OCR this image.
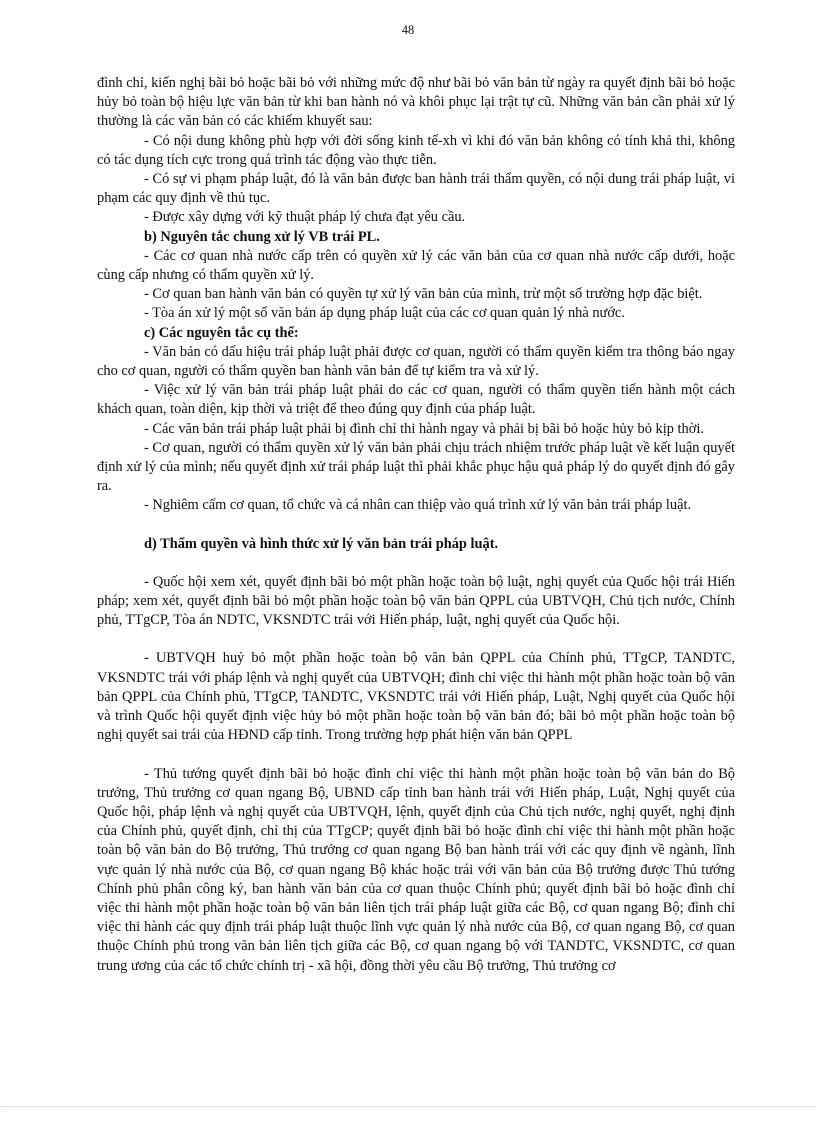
48

đình chỉ, kiến nghị bãi bỏ hoặc bãi bỏ với những mức độ như bãi bỏ văn bản từ ngày ra quyết định bãi bỏ hoặc hủy bỏ toàn bộ hiệu lực văn bản từ khi ban hành nó và khôi phục lại trật tự cũ. Những văn bản cần phải xử lý thường là các văn bản có các khiếm khuyết sau:

- Có nội dung không phù hợp với đời sống kinh tế-xh vì khi đó văn bản không có tính khả thi, không có tác dụng tích cực trong quá trình tác động vào thực tiễn.

- Có sự vi phạm pháp luật, đó là văn bản được ban hành trái thẩm quyền, có nội dung trái pháp luật, vi phạm các quy định về thủ tục.

- Được xây dựng với kỹ thuật pháp lý chưa đạt yêu cầu.

b) Nguyên tắc chung xử lý VB trái PL.

- Các cơ quan nhà nước cấp trên có quyền xử lý các văn bản của cơ quan nhà nước cấp dưới, hoặc cùng cấp nhưng có thẩm quyền xử lý.

- Cơ quan ban hành văn bản có quyền tự xử lý văn bản của mình, trừ một số trường hợp đặc biệt.

- Tòa án xử lý một số văn bản áp dụng pháp luật của các cơ quan quản lý nhà nước.

c) Các nguyên tắc cụ thể:

- Văn bản có dấu hiệu trái pháp luật phải được cơ quan, người có thẩm quyền kiểm tra thông báo ngay cho cơ quan, người có thẩm quyền ban hành văn bản để tự kiểm tra và xử lý.

- Việc xử lý văn bản trái pháp luật phải do các cơ quan, người có thẩm quyền tiến hành một cách khách quan, toàn diện, kịp thời và triệt để theo đúng quy định của pháp luật.

- Các văn bản trái pháp luật phải bị đình chỉ thi hành ngay và phải bị bãi bỏ hoặc hủy bỏ kịp thời.

- Cơ quan, người có thẩm quyền xử lý văn bản phải chịu trách nhiệm trước pháp luật về kết luận quyết định xử lý của mình; nếu quyết định xử trái pháp luật thì phải khắc phục hậu quả pháp lý do quyết định đó gây ra.

- Nghiêm cấm cơ quan, tổ chức và cá nhân can thiệp vào quá trình xử lý văn bản trái pháp luật.

d) Thẩm quyền và hình thức xử lý văn bản trái pháp luật.

- Quốc hội xem xét, quyết định bãi bỏ một phần hoặc toàn bộ luật, nghị quyết của Quốc hội trái Hiến pháp; xem xét, quyết định bãi bỏ một phần hoặc toàn bộ văn bản QPPL của UBTVQH, Chủ tịch nước, Chính phủ, TTgCP, Tòa án NDTC, VKSNDTC trái với Hiến pháp, luật, nghị quyết của Quốc hội.

- UBTVQH huỷ bỏ một phần hoặc toàn bộ văn bản QPPL của Chính phủ, TTgCP, TANDTC, VKSNDTC trái với pháp lệnh và nghị quyết của UBTVQH; đình chỉ việc thi hành một phần hoặc toàn bộ văn bản QPPL của Chính phủ, TTgCP, TANDTC, VKSNDTC trái với Hiến pháp, Luật, Nghị quyết của Quốc hội và trình Quốc hội quyết định việc hủy bỏ một phần hoặc toàn bộ văn bản đó; bãi bỏ một phần hoặc toàn bộ nghị quyết sai trái của HĐND cấp tỉnh. Trong trường hợp phát hiện văn bản QPPL

- Thủ tướng quyết định bãi bỏ hoặc đình chỉ việc thi hành một phần hoặc toàn bộ văn bản do Bộ trưởng, Thủ trưởng cơ quan ngang Bộ, UBND cấp tỉnh ban hành trái với Hiến pháp, Luật, Nghị quyết của Quốc hội, pháp lệnh và nghị quyết của UBTVQH, lệnh, quyết định của Chủ tịch nước, nghị quyết, nghị định của Chính phủ, quyết định, chỉ thị của TTgCP; quyết định bãi bỏ hoặc đình chỉ việc thi hành một phần hoặc toàn bộ văn bản do Bộ trưởng, Thủ trưởng cơ quan ngang Bộ ban hành trái với các quy định về ngành, lĩnh vực quản lý nhà nước của Bộ, cơ quan ngang Bộ khác hoặc trái với văn bản của Bộ trưởng được Thủ tướng Chính phủ phân công ký, ban hành văn bản của cơ quan thuộc Chính phủ; quyết định bãi bỏ hoặc đình chỉ việc thi hành một phần hoặc toàn bộ văn bản liên tịch trái pháp luật giữa các Bộ, cơ quan ngang Bộ; đình chỉ việc thi hành các quy định trái pháp luật thuộc lĩnh vực quản lý nhà nước của Bộ, cơ quan ngang Bộ, cơ quan thuộc Chính phủ trong văn bản liên tịch giữa các Bộ, cơ quan ngang bộ với TANDTC, VKSNDTC, cơ quan trung ương của các tổ chức chính trị - xã hội, đồng thời yêu cầu Bộ trưởng, Thủ trưởng cơ
